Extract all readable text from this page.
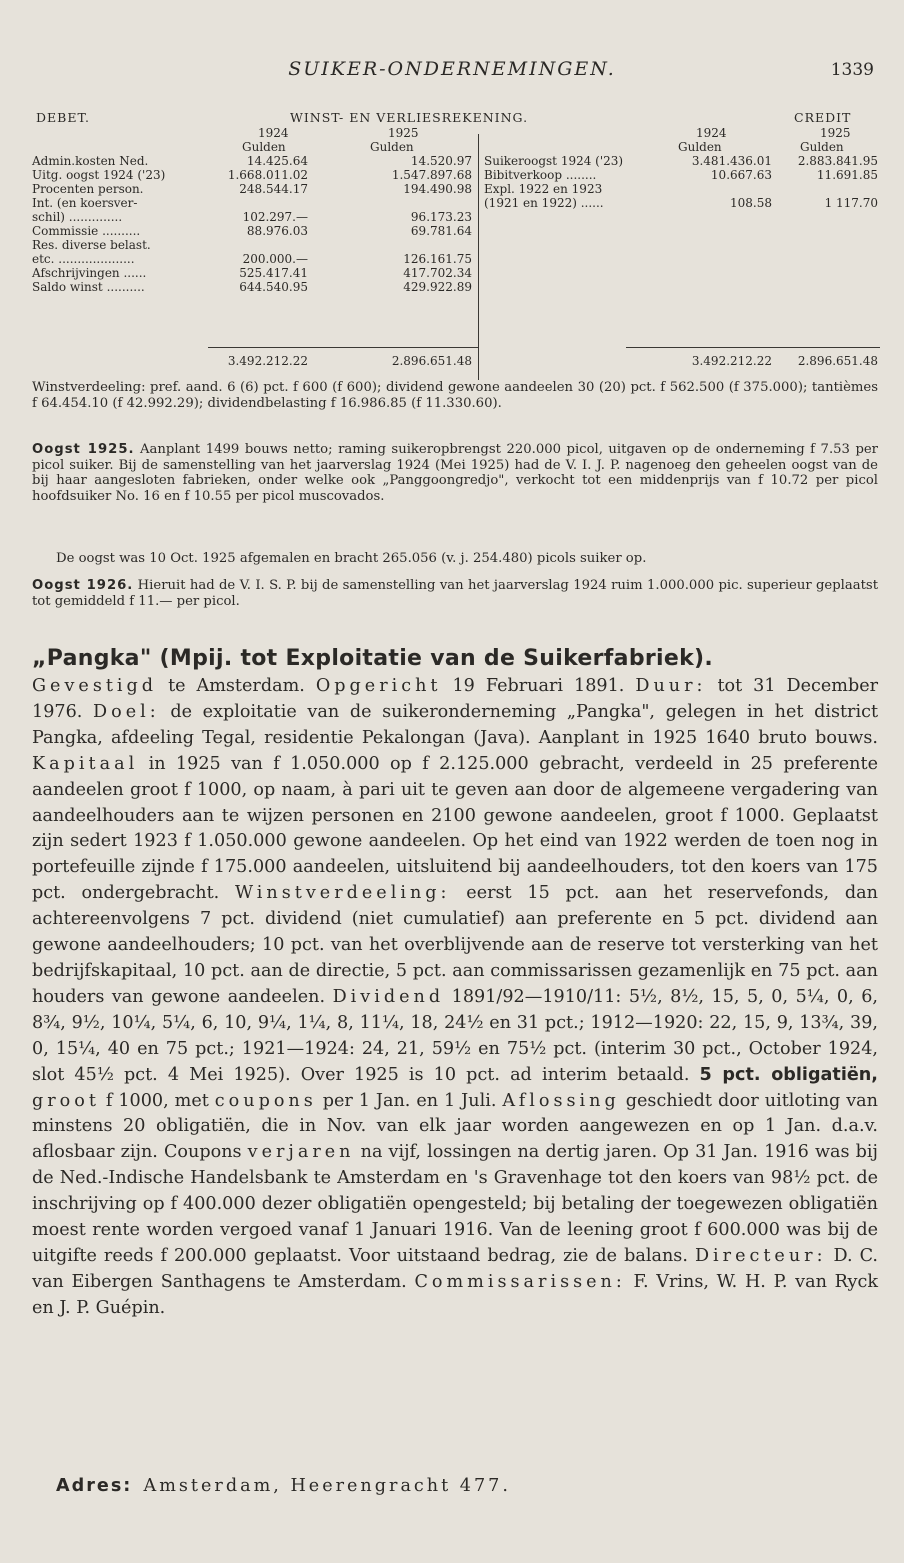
SUIKER-ONDERNEMINGEN.	1339
DEBET.	WINST- EN VERLIESREKENING.	CREDIT
1924	1925	1924	1925
Gulden	Gulden	Gulden	Gulden
Admin.kosten Ned.	14.425.64	14.520.97 Suikeroogst 1924 ('23)	3.481.436.01	2.883.841.95
Uitg. oogst 1924 ('23)	1.668.011.02	1.547.897.68 Bibitverkoop ........	10.667.63	11.691.85
Procenten person.	248.544.17	194.490.98 Expl. 1922 en 1923
Int. (en koersver-	(1921 en 1922) ......	108.58	1 117.70
schil) ..............	102.297.—	96.173.23
Commissie ..........	88.976.03	69.781.64
Res. diverse belast.
etc. ....................	200.000.—	126.161.75
Afschrijvingen ......	525.417.41	417.702.34
Saldo winst ..........	644.540.95	429.922.89
3.492.212.22	2.896.651.48	3.492.212.22	2.896.651.48

Winstverdeeling: pref. aand. 6 (6) pct. f 600 (f 600); dividend gewone aandeelen 30 (20) pct. f 562.500 (f 375.000); tantièmes f 64.454.10 (f 42.992.29); dividendbelasting f 16.986.85 (f 11.330.60).

Oogst 1925. Aanplant 1499 bouws netto; raming suikeropbrengst 220.000 picol, uitgaven op de onderneming f 7.53 per picol suiker. Bij de samenstelling van het jaarverslag 1924 (Mei 1925) had de V. I. J. P. nagenoeg den geheelen oogst van de bij haar aangesloten fabrieken, onder welke ook „Panggoongredjo", verkocht tot een middenprijs van f 10.72 per picol hoofdsuiker No. 16 en f 10.55 per picol muscovados.

De oogst was 10 Oct. 1925 afgemalen en bracht 265.056 (v. j. 254.480) picols suiker op.

Oogst 1926. Hieruit had de V. I. S. P. bij de samenstelling van het jaarverslag 1924 ruim 1.000.000 pic. superieur geplaatst tot gemiddeld f 11.— per picol.

„Pangka" (Mpij. tot Exploitatie van de Suikerfabriek).

Gevestigd te Amsterdam. Opgericht 19 Februari 1891. Duur: tot 31 December 1976. Doel: de exploitatie van de suikeronderneming „Pangka", gelegen in het district Pangka, afdeeling Tegal, residentie Pekalongan (Java). Aanplant in 1925 1640 bruto bouws. Kapitaal in 1925 van f 1.050.000 op f 2.125.000 gebracht, verdeeld in 25 preferente aandeelen groot f 1000, op naam, à pari uit te geven aan door de algemeene vergadering van aandeelhouders aan te wijzen personen en 2100 gewone aandeelen, groot f 1000. Geplaatst zijn sedert 1923 f 1.050.000 gewone aandeelen. Op het eind van 1922 werden de toen nog in portefeuille zijnde f 175.000 aandeelen, uitsluitend bij aandeelhouders, tot den koers van 175 pct. ondergebracht. Winstverdeeling: eerst 15 pct. aan het reservefonds, dan achtereenvolgens 7 pct. dividend (niet cumulatief) aan preferente en 5 pct. dividend aan gewone aandeelhouders; 10 pct. van het overblijvende aan de reserve tot versterking van het bedrijfskapitaal, 10 pct. aan de directie, 5 pct. aan commissarissen gezamenlijk en 75 pct. aan houders van gewone aandeelen. Dividend 1891/92—1910/11: 5½, 8½, 15, 5, 0, 5¼, 0, 6, 8¾, 9½, 10¼, 5¼, 6, 10, 9¼, 1¼, 8, 11¼, 18, 24½ en 31 pct.; 1912—1920: 22, 15, 9, 13¾, 39, 0, 15¼, 40 en 75 pct.; 1921—1924: 24, 21, 59½ en 75½ pct. (interim 30 pct., October 1924, slot 45½ pct. 4 Mei 1925). Over 1925 is 10 pct. ad interim betaald. 5 pct. obligatiën, groot f 1000, met coupons per 1 Jan. en 1 Juli. Aflossing geschiedt door uitloting van minstens 20 obligatiën, die in Nov. van elk jaar worden aangewezen en op 1 Jan. d.a.v. aflosbaar zijn. Coupons verjaren na vijf, lossingen na dertig jaren. Op 31 Jan. 1916 was bij de Ned.-Indische Handelsbank te Amsterdam en 's Gravenhage tot den koers van 98½ pct. de inschrijving op f 400.000 dezer obligatiën opengesteld; bij betaling der toegewezen obligatiën moest rente worden vergoed vanaf 1 Januari 1916. Van de leening groot f 600.000 was bij de uitgifte reeds f 200.000 geplaatst. Voor uitstaand bedrag, zie de balans. Directeur: D. C. van Eibergen Santhagens te Amsterdam. Commissarissen: F. Vrins, W. H. P. van Ryck en J. P. Guépin.

Adres: Amsterdam, Heerengracht 477.
